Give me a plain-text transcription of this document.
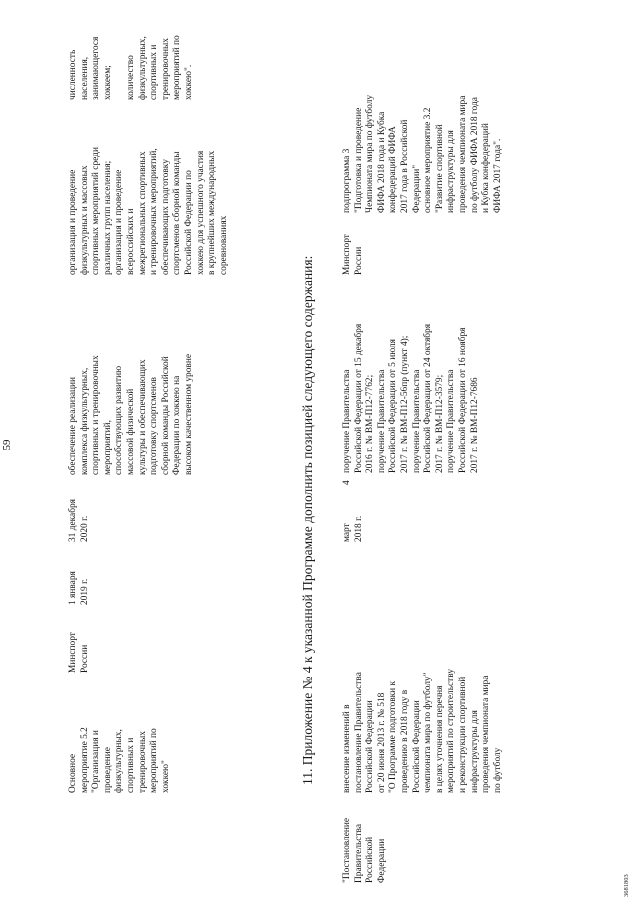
59
Основное мероприятие 5.2 "Организация и проведение физкультурных, спортивных и тренировочных мероприятий по хоккею"
Минспорт России
1 января 2019 г.
31 декабря 2020 г.
обеспечение реализации комплекса физкультурных, спортивных и тренировочных мероприятий, способствующих развитию массовой физической культуры и обеспечивающих подготовку спортсменов сборной команды Российской Федерации по хоккею на высоком качественном уровне
организация и проведение физкультурных и массовых спортивных мероприятий среди различных групп населения; организация и проведение всероссийских и межрегиональных спортивных и тренировочных мероприятий, обеспечивающих подготовку спортсменов сборной команды Российской Федерации по хоккею для успешного участия в крупнейших международных соревнованиях
численность населения, занимающегося хоккеем;
количество физкультурных, спортивных и тренировочных мероприятий по хоккею".
11. Приложение № 4 к указанной Программе дополнить позицией следующего содержания:
"Постановление Правительства Российской Федерации
внесение изменений в постановление Правительства Российской Федерации от 20 июня 2013 г. № 518 "О Программе подготовки к проведению в 2018 году в Российской Федерации чемпионата мира по футболу" в целях уточнения перечня мероприятий по строительству и реконструкции спортивной инфраструктуры для проведения чемпионата мира по футболу
март 2018 г.
4
поручение Правительства Российской Федерации от 15 декабря 2016 г. № ВМ-П12-7762; поручение Правительства Российской Федерации от 5 июля 2017 г. № ВМ-П12-56пр (пункт 4); поручение Правительства Российской Федерации от 24 октября 2017 г. № ВМ-П12-3579; поручение Правительства Российской Федерации от 16 ноября 2017 г. № ВМ-П12-7686
Минспорт России
подпрограмма 3 "Подготовка и проведение Чемпионата мира по футболу ФИФА 2018 года и Кубка конфедераций ФИФА 2017 года в Российской Федерации" основное мероприятие 3.2 "Развитие спортивной инфраструктуры для проведения чемпионата мира по футболу ФИФА 2018 года и Кубка конфедераций ФИФА 2017 года".
3681803
